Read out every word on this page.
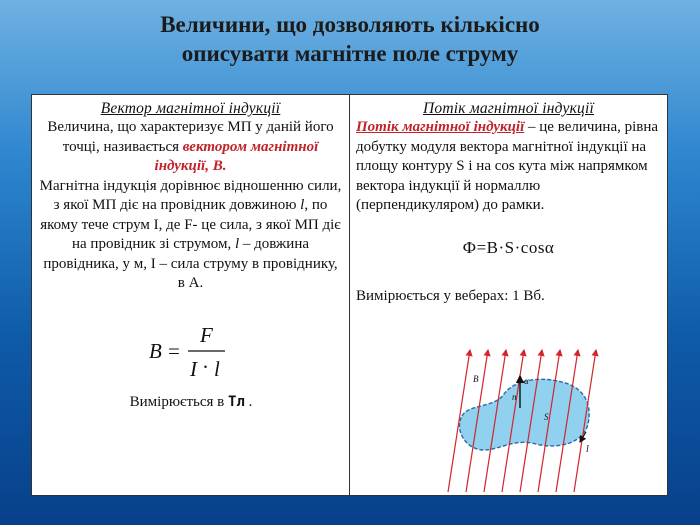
Величини, що дозволяють кількісно
описувати магнітне поле струму
Вектор магнітної індукції
Величина, що характеризує МП у даній його точці, називається вектором магнітної індукції, В.
Магнітна індукція дорівнює відношенню сили, з якої МП діє на провідник довжиною l, по якому тече струм І, де F- це сила, з якої МП діє на провідник зі струмом, l – довжина провідника, у м, І – сила струму в провіднику, в А.
B =
F
I · l
Вимірюється в Тл .
Потік магнітної індукції
Потік магнітної індукції – це величина, рівна добутку модуля вектора магнітної індукції на площу контуру S і на cos кута між напрямком вектора індукції й нормаллю (перпендикуляром) до рамки.
Ф=В·S·cosα
Вимірюється у веберах: 1 Вб.
B	α
n
S
l
